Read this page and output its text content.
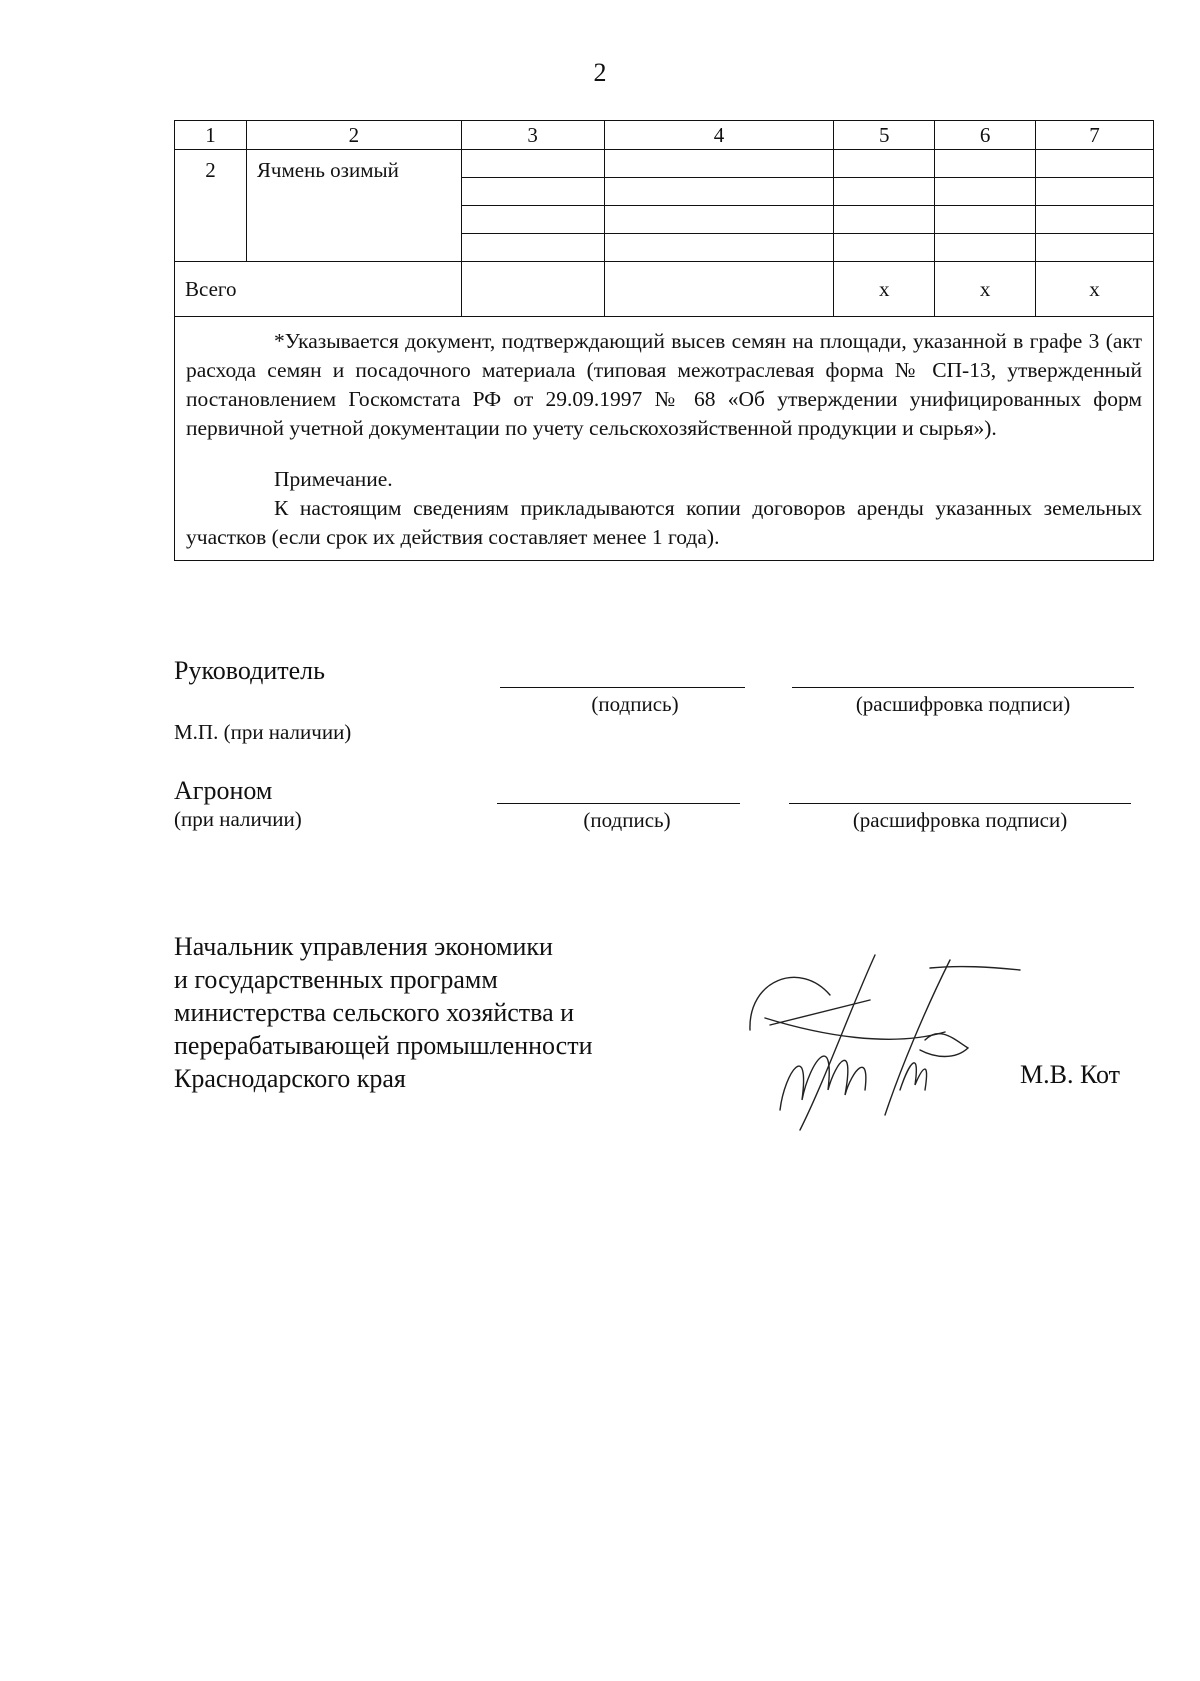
2
1	2	3	4	5	6	7
2	Ячмень озимый					

Всего				x	x	x

*Указывается документ, подтверждающий высев семян на площади, указанной в графе 3 (акт расхода семян и посадочного материала (типовая межотраслевая форма № СП-13, утвержденный постановлением Госкомстата РФ от 29.09.1997 № 68 «Об утверждении унифицированных форм первичной учетной документации по учету сельскохозяйственной продукции и сырья»).

Примечание.

К настоящим сведениям прикладываются копии договоров аренды указанных земельных участков (если срок их действия составляет менее 1 года).						

Руководитель
(подпись)	(расшифровка подписи)
М.П. (при наличии)
Агроном
(при наличии)	(подпись)	(расшифровка подписи)
Начальник управления экономики
и государственных программ
министерства сельского хозяйства и
перерабатывающей промышленности
Краснодарского края	М.В. Кот
